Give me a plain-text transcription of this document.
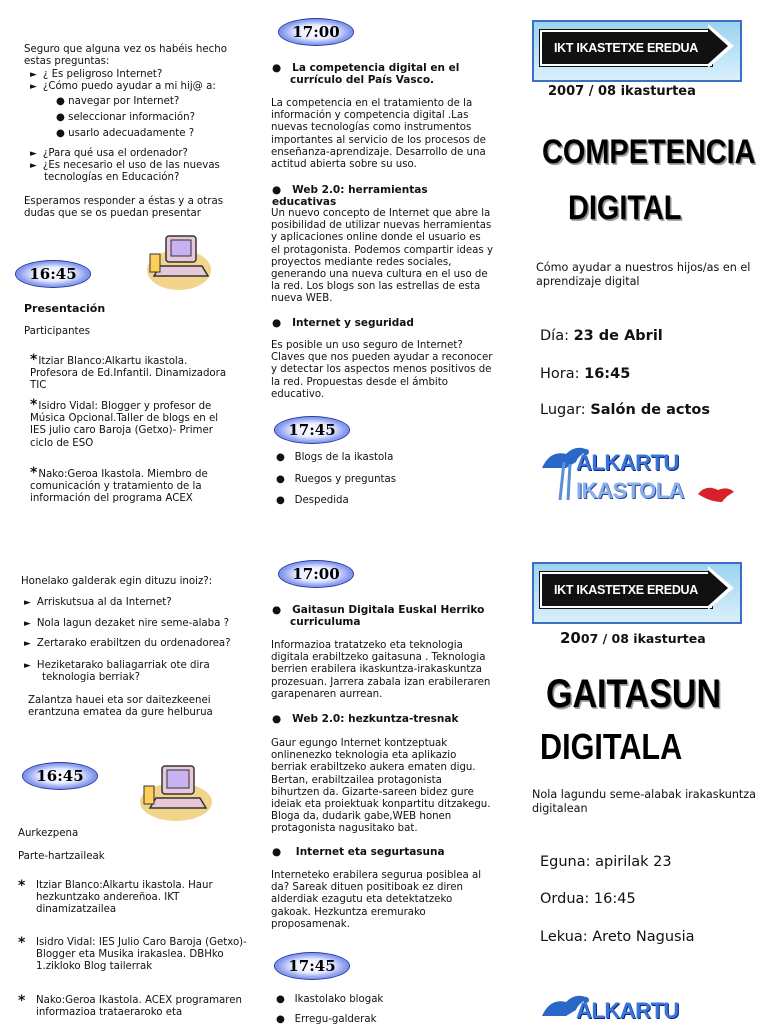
Seguro que alguna vez os habéis hecho estas preguntas:
► ¿ Es peligroso Internet?
► ¿Cómo puedo ayudar a mi hij@ a:
● navegar por Internet?
● seleccionar información?
● usarlo adecuadamente ?
► ¿Para qué usa el ordenador?
► ¿Es necesario el uso de las nuevas tecnologías en Educación?
Esperamos responder a éstas y a otras dudas que se os puedan presentar
16:45
Presentación
Participantes
*Itziar Blanco:Alkartu ikastola. Profesora de Ed.Infantil. Dinamizadora TIC
*Isidro Vidal: Blogger y profesor de Música Opcional.Taller de blogs en el IES julio caro Baroja (Getxo)- Primer ciclo de ESO
*Nako:Geroa Ikastola. Miembro de comunicación y tratamiento de la información del programa ACEX
17:00
●   La competencia digital en el currículo del País Vasco.
La competencia en el tratamiento de la información y competencia digital .Las nuevas tecnologías como instrumentos importantes al servicio de los procesos de enseñanza-aprendizaje. Desarrollo de una actitud abierta sobre su uso.
●   Web 2.0: herramientas educativas
Un nuevo concepto de Internet que abre la posibilidad de utilizar nuevas herramientas y aplicaciones online donde el usuario es el protagonista. Podemos compartir ideas y proyectos mediante redes sociales, generando una nueva cultura en el uso de la red. Los blogs son las estrellas de esta nueva WEB.
●   Internet y seguridad
Es posible un uso seguro de Internet? Claves que nos pueden ayudar a reconocer y detectar los aspectos menos positivos de la red. Propuestas desde el ámbito educativo.
17:45
●   Blogs de la ikastola
●   Ruegos y preguntas
●   Despedida
IKT IKASTETXE EREDUA
2007 / 08 ikasturtea
COMPETENCIA
DIGITAL
Cómo ayudar a nuestros hijos/as en el aprendizaje digital
Día: 23 de Abril
Hora: 16:45
Lugar: Salón de actos
ALKARTU
IKASTOLA
Honelako galderak egin dituzu inoiz?:
► Arriskutsua al da Internet?
► Nola lagun dezaket nire seme-alaba ?
► Zertarako erabiltzen du ordenadorea?
► Heziketarako baliagarriak ote dira teknologia berriak?
Zalantza hauei eta sor daitezkeenei erantzuna ematea da gure helburua
16:45
Aurkezpena
Parte-hartzaileak
* Itziar Blanco:Alkartu ikastola. Haur hezkuntzako andereñoa. IKT dinamizatzailea
* Isidro Vidal: IES Julio Caro Baroja (Getxo)- Blogger eta Musika irakaslea. DBHko 1.zikloko Blog tailerrak
* Nako:Geroa Ikastola. ACEX programaren informazioa trataeraroko eta
17:00
●   Gaitasun Digitala Euskal Herriko curriculuma
Informazioa tratatzeko eta teknologia digitala erabiltzeko gaitasuna . Teknologia berrien erabilera ikaskuntza-irakaskuntza prozesuan. Jarrera zabala izan erabileraren garapenaren aurrean.
●   Web 2.0: hezkuntza-tresnak
Gaur egungo Internet kontzeptuak onlinenezko teknologia eta aplikazio berriak erabiltzeko aukera ematen digu. Bertan, erabiltzailea protagonista bihurtzen da. Gizarte-sareen bidez gure ideiak eta proiektuak konpartitu ditzakegu. Bloga da, dudarik gabe,WEB honen protagonista nagusitako bat.
●    Internet eta segurtasuna
Interneteko erabilera segurua posiblea al da? Sareak dituen positiboak ez diren alderdiak ezagutu eta detektatzeko gakoak. Hezkuntza eremurako proposamenak.
17:45
●   Ikastolako blogak
●   Erregu-galderak
IKT IKASTETXE EREDUA
2007 / 08 ikasturtea
GAITASUN
DIGITALA
Nola lagundu seme-alabak irakaskuntza digitalean
Eguna: apirilak 23
Ordua: 16:45
Lekua: Areto Nagusia
ALKARTU
